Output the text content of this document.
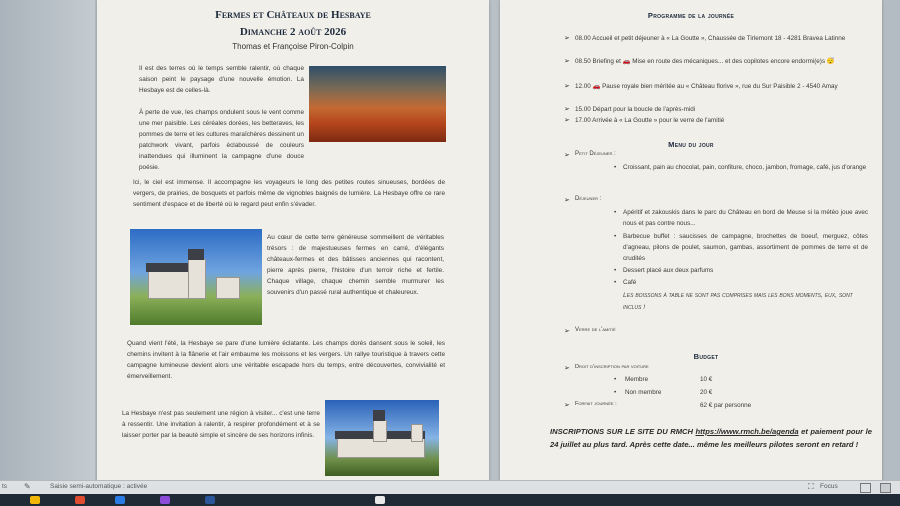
Fermes et Châteaux de Hesbaye
Dimanche 2 août 2026
Thomas et Françoise Piron-Colpin

Il est des terres où le temps semble ralentir, où chaque saison peint le paysage d'une nouvelle émotion. La Hesbaye est de celles-là.

À perte de vue, les champs ondulent sous le vent comme une mer paisible. Les céréales dorées, les betteraves, les pommes de terre et les cultures maraîchères dessinent un patchwork vivant, parfois éclaboussé de couleurs inattendues qui illuminent la campagne d'une douce poésie.

Ici, le ciel est immense. Il accompagne les voyageurs le long des petites routes sinueuses, bordées de vergers, de prairies, de bosquets et parfois même de vignobles baignés de lumière. La Hesbaye offre ce rare sentiment d'espace et de liberté où le regard peut enfin s'évader.

Au cœur de cette terre généreuse sommeillent de véritables trésors : de majestueuses fermes en carré, d'élégants châteaux-fermes et des bâtisses anciennes qui racontent, pierre après pierre, l'histoire d'un terroir riche et fertile. Chaque village, chaque chemin semble murmurer les souvenirs d'un passé rural authentique et chaleureux.

Quand vient l'été, la Hesbaye se pare d'une lumière éclatante. Les champs dorés dansent sous le soleil, les chemins invitent à la flânerie et l'air embaume les moissons et les vergers. Un rallye touristique à travers cette campagne lumineuse devient alors une véritable escapade hors du temps, entre découvertes, convivialité et émerveillement.

La Hesbaye n'est pas seulement une région à visiter... c'est une terre à ressentir. Une invitation à ralentir, à respirer profondément et à se laisser porter par la beauté simple et sincère de ses horizons infinis.

Programme de la journée
➢ 08.00 Accueil et petit déjeuner à « La Goutte », Chaussée de Tirlemont 18 - 4281 Bravea Latinne
➢ 08.50 Briefing et 🚗 Mise en route des mécaniques... et des copilotes encore endormi(e)s 😴
➢ 12.00 🚗 Pause royale bien méritée au « Château florive », rue du Sur Paisible 2 - 4540 Amay
➢ 15.00 Départ pour la boucle de l'après-midi
➢ 17.00 Arrivée à « La Goutte » pour le verre de l'amitié
Menu du jour
➢ Petit Déjeuner :
• Croissant, pain au chocolat, pain, confiture, choco, jambon, fromage, café, jus d'orange
➢ Déjeuner :
• Apéritif et zakouskis dans le parc du Château en bord de Meuse si la météo joue avec nous et pas contre nous...
• Barbecue buffet : saucisses de campagne, brochettes de boeuf, merguez, côtes d'agneau, pilons de poulet, saumon, gambas, assortiment de pommes de terre et de crudités
• Dessert placé aux deux parfums
• Café
Les boissons à table ne sont pas comprises mais les bons moments, eux, sont inclus !
➢ Verre de l'amitié
Budget
➢ Droit d'inscription par voiture
• Membre	10 €
• Non membre	20 €
➢ Forfait journée :	62 € par personne
INSCRIPTIONS SUR LE SITE DU RMCH https://www.rmch.be/agenda et paiement pour le 24 juillet au plus tard. Après cette date... même les meilleurs pilotes seront en retard !
ts ✎	Saisie semi-automatique : activée	⛶ Focus
